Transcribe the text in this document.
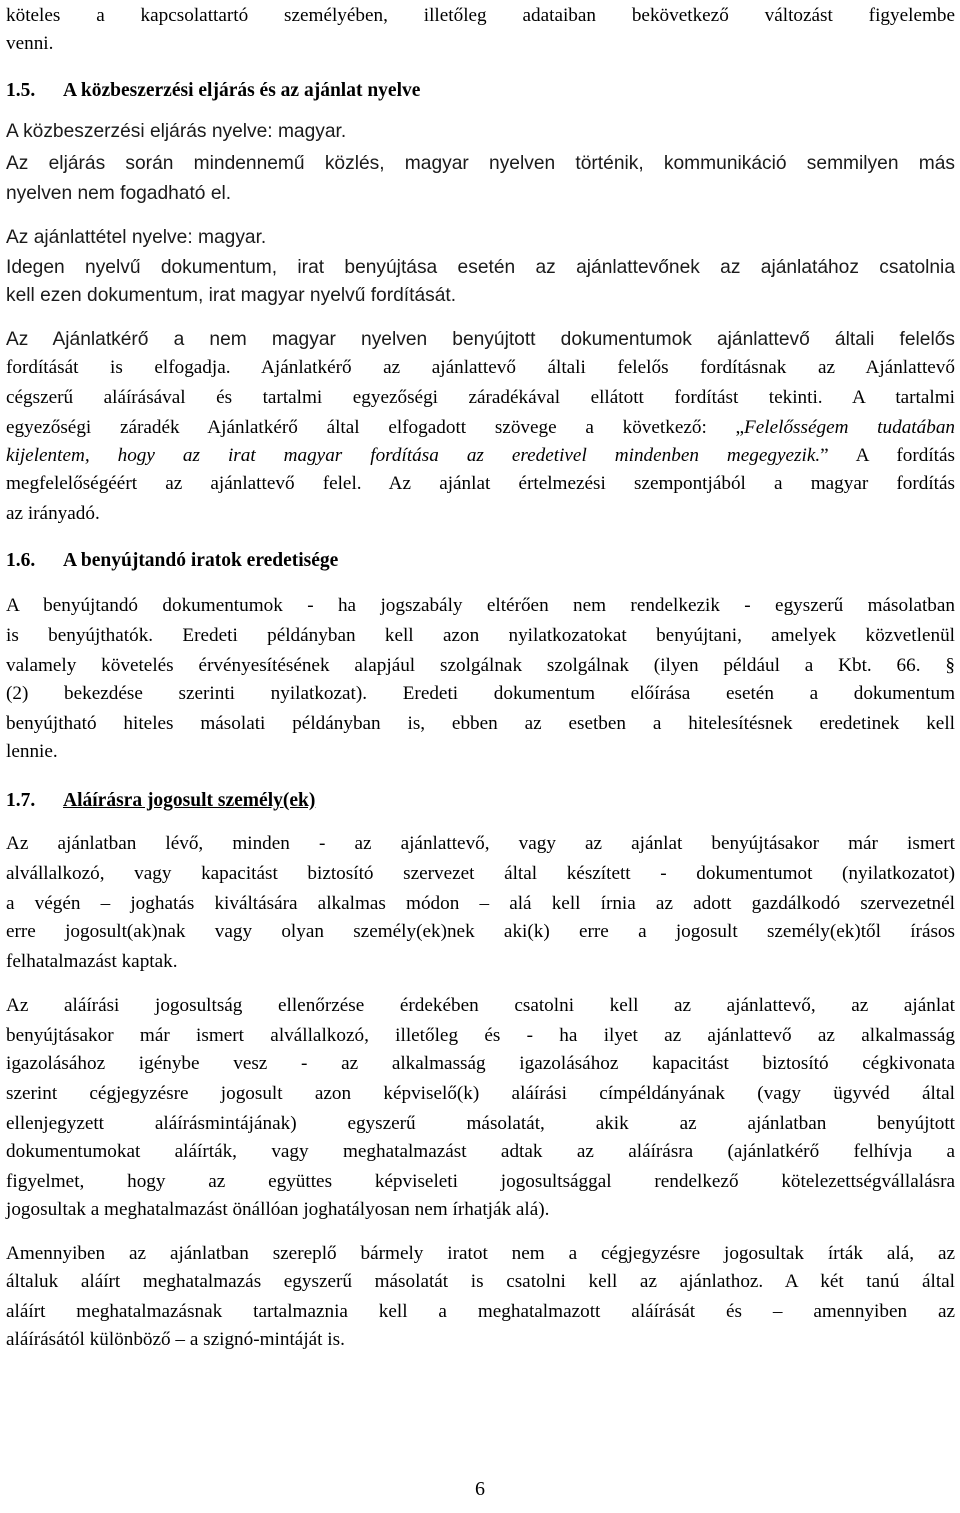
köteles a kapcsolattartó személyében, illetőleg adataiban bekövetkező változást figyelembe
venni.
A közbeszerzési eljárás nyelve: magyar.
Az eljárás során mindennemű közlés, magyar nyelven történik, kommunikáció semmilyen más
nyelven nem fogadható el.
Az ajánlattétel nyelve: magyar.
Idegen nyelvű dokumentum, irat benyújtása esetén az ajánlattevőnek az ajánlatához csatolnia
kell ezen dokumentum, irat magyar nyelvű fordítását.
Az Ajánlatkérő a nem magyar nyelven benyújtott dokumentumok ajánlattevő általi felelős
fordítását is elfogadja. Ajánlatkérő az ajánlattevő általi felelős fordításnak az Ajánlattevő
cégszerű aláírásával és tartalmi egyezőségi záradékával ellátott fordítást tekinti. A tartalmi
egyezőségi záradék Ajánlatkérő által elfogadott szövege a következő: „Felelősségem tudatában
kijelentem, hogy az irat magyar fordítása az eredetivel mindenben megegyezik.” A fordítás
megfelelőségéért az ajánlattevő felel. Az ajánlat értelmezési szempontjából a magyar fordítás
az irányadó.
A benyújtandó dokumentumok - ha jogszabály eltérően nem rendelkezik - egyszerű másolatban
is benyújthatók. Eredeti példányban kell azon nyilatkozatokat benyújtani, amelyek közvetlenül
valamely követelés érvényesítésének alapjául szolgálnak szolgálnak (ilyen például a Kbt. 66. §
(2) bekezdése szerinti nyilatkozat). Eredeti dokumentum előírása esetén a dokumentum
benyújtható hiteles másolati példányban is, ebben az esetben a hitelesítésnek eredetinek kell
lennie.
Az ajánlatban lévő, minden - az ajánlattevő, vagy az ajánlat benyújtásakor már ismert
alvállalkozó, vagy kapacitást biztosító szervezet által készített - dokumentumot (nyilatkozatot)
a végén – joghatás kiváltására alkalmas módon – alá kell írnia az adott gazdálkodó szervezetnél
erre jogosult(ak)nak vagy olyan személy(ek)nek aki(k) erre a jogosult személy(ek)től írásos
felhatalmazást kaptak.
Az aláírási jogosultság ellenőrzése érdekében csatolni kell az ajánlattevő, az ajánlat
benyújtásakor már ismert alvállalkozó, illetőleg és - ha ilyet az ajánlattevő az alkalmasság
igazolásához igénybe vesz - az alkalmasság igazolásához kapacitást biztosító cégkivonata
szerint cégjegyzésre jogosult azon képviselő(k) aláírási címpéldányának (vagy ügyvéd által
ellenjegyzett aláírásmintájának) egyszerű másolatát, akik az ajánlatban benyújtott
dokumentumokat aláírták, vagy meghatalmazást adtak az aláírásra (ajánlatkérő felhívja a
figyelmet, hogy az együttes képviseleti jogosultsággal rendelkező kötelezettségvállalásra
jogosultak a meghatalmazást önállóan joghatályosan nem írhatják alá).
Amennyiben az ajánlatban szereplő bármely iratot nem a cégjegyzésre jogosultak írták alá, az
általuk aláírt meghatalmazás egyszerű másolatát is csatolni kell az ajánlathoz. A két tanú által
aláírt meghatalmazásnak tartalmaznia kell a meghatalmazott aláírását és – amennyiben az
aláírásától különböző – a szignó-mintáját is.
1.5. A közbeszerzési eljárás és az ajánlat nyelve
1.6. A benyújtandó iratok eredetisége
1.7. Aláírásra jogosult személy(ek)
6
